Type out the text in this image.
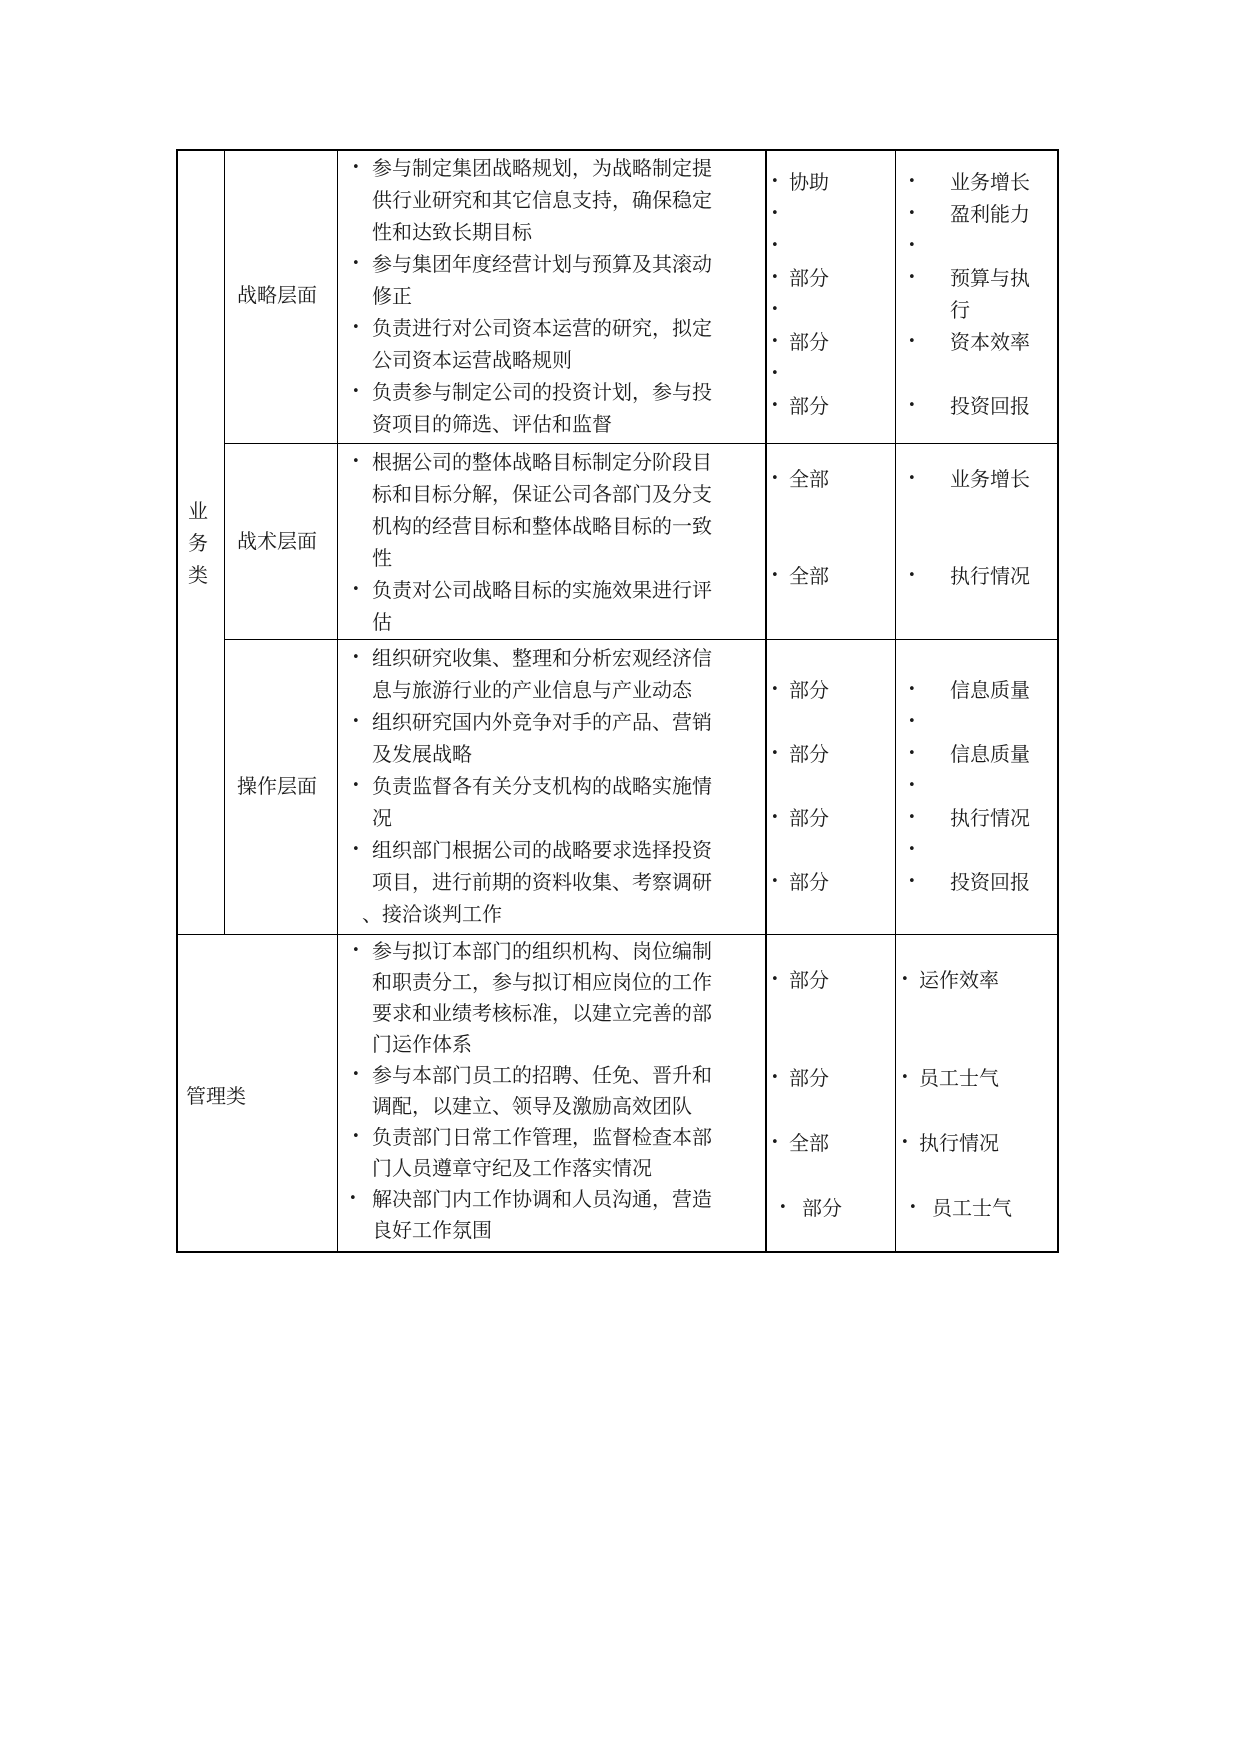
业
务
类
战略层面
• 参与制定集团战略规划，为战略制定提
供行业研究和其它信息支持，确保稳定
性和达致长期目标
• 参与集团年度经营计划与预算及其滚动
修正
• 负责进行对公司资本运营的研究，拟定
公司资本运营战略规则
• 负责参与制定公司的投资计划，参与投
资项目的筛选、评估和监督
• 协助
•
•
• 部分
•
• 部分
•
• 部分
• 业务增长
• 盈利能力
•
• 预算与执
行
• 资本效率
• 投资回报
战术层面
• 根据公司的整体战略目标制定分阶段目
标和目标分解，保证公司各部门及分支
机构的经营目标和整体战略目标的一致
性
• 负责对公司战略目标的实施效果进行评
估
• 全部
• 全部
• 业务增长
• 执行情况
操作层面
• 组织研究收集、整理和分析宏观经济信
息与旅游行业的产业信息与产业动态
• 组织研究国内外竞争对手的产品、营销
及发展战略
• 负责监督各有关分支机构的战略实施情
况
• 组织部门根据公司的战略要求选择投资
项目，进行前期的资料收集、考察调研
、接洽谈判工作
• 部分
• 部分
• 部分
• 部分
• 信息质量
•
• 信息质量
•
• 执行情况
•
• 投资回报
管理类
• 参与拟订本部门的组织机构、岗位编制
和职责分工，参与拟订相应岗位的工作
要求和业绩考核标准，以建立完善的部
门运作体系
• 参与本部门员工的招聘、任免、晋升和
调配，以建立、领导及激励高效团队
• 负责部门日常工作管理，监督检查本部
门人员遵章守纪及工作落实情况
• 解决部门内工作协调和人员沟通，营造
良好工作氛围
• 部分
• 部分
• 全部
• 部分
• 运作效率
• 员工士气
• 执行情况
• 员工士气
